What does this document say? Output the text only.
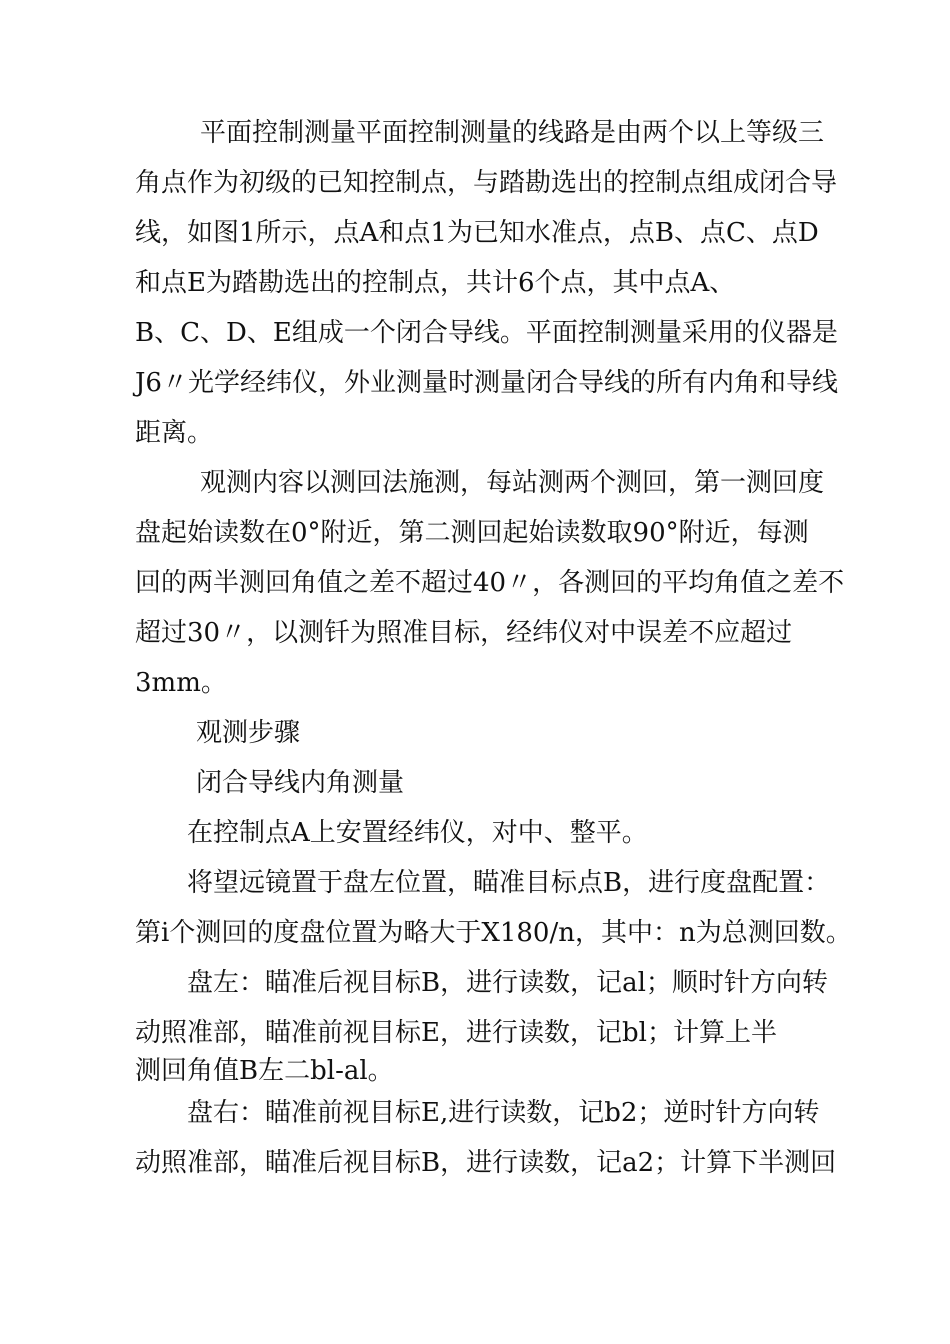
平面控制测量平面控制测量的线路是由两个以上等级三
角点作为初级的已知控制点，与踏勘选出的控制点组成闭合导
线，如图1所示，点A和点1为已知水准点，点B、点C、点D
和点E为踏勘选出的控制点，共计6个点，其中点A、
B、C、D、E组成一个闭合导线。平面控制测量采用的仪器是
J6〃光学经纬仪，外业测量时测量闭合导线的所有内角和导线
距离。
观测内容以测回法施测，每站测两个测回，第一测回度
盘起始读数在0°附近，第二测回起始读数取90°附近，每测
回的两半测回角值之差不超过40〃，各测回的平均角值之差不
超过30〃，以测钎为照准目标，经纬仪对中误差不应超过
3mm。
观测步骤
闭合导线内角测量
在控制点A上安置经纬仪，对中、整平。
将望远镜置于盘左位置，瞄准目标点B，进行度盘配置：
第i个测回的度盘位置为略大于X180/n，其中：n为总测回数。
盘左：瞄准后视目标B，进行读数，记al；顺时针方向转
动照准部，瞄准前视目标E，进行读数，记bl；计算上半
测回角值B左二bl-al。
盘右：瞄准前视目标E,进行读数，记b2；逆时针方向转
动照准部，瞄准后视目标B，进行读数，记a2；计算下半测回
